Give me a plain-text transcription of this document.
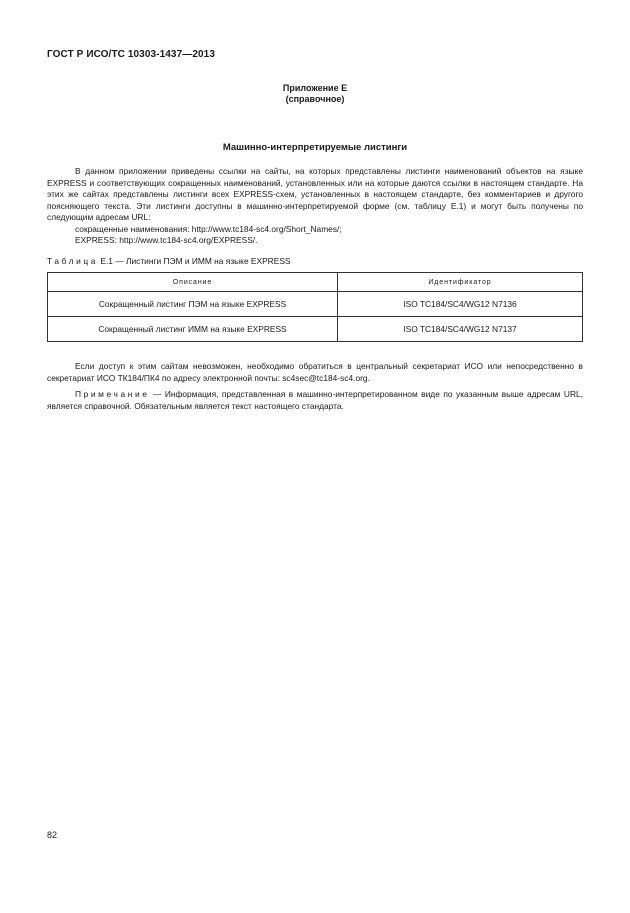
ГОСТ Р ИСО/ТС 10303-1437—2013
Приложение Е
(справочное)
Машинно-интерпретируемые листинги
В данном приложении приведены ссылки на сайты, на которых представлены листинги наименований объектов на языке EXPRESS и соответствующих сокращенных наименований, установленных или на которые даются ссылки в настоящем стандарте. На этих же сайтах представлены листинги всех EXPRESS-схем, установленных в настоящем стандарте, без комментариев и другого поясняющего текста. Эти листинги доступны в машинно-интерпретируемой форме (см. таблицу Е.1) и могут быть получены по следующим адресам URL:
сокращенные наименования: http://www.tc184-sc4.org/Short_Names/;
EXPRESS: http://www.tc184-sc4.org/EXPRESS/.
Таблица Е.1 — Листинги ПЭМ и ИММ на языке EXPRESS
Описание	Идентификатор
Сокращенный листинг ПЭМ на языке EXPRESS	ISO TC184/SC4/WG12 N7136
Сокращенный листинг ИММ на языке EXPRESS	ISO TC184/SC4/WG12 N7137
Если доступ к этим сайтам невозможен, необходимо обратиться в центральный секретариат ИСО или непосредственно в секретариат ИСО ТК184/ПК4 по адресу электронной почты: sc4sec@tc184-sc4.org.
Примечание — Информация, представленная в машинно-интерпретированном виде по указанным выше адресам URL, является справочной. Обязательным является текст настоящего стандарта.
82
